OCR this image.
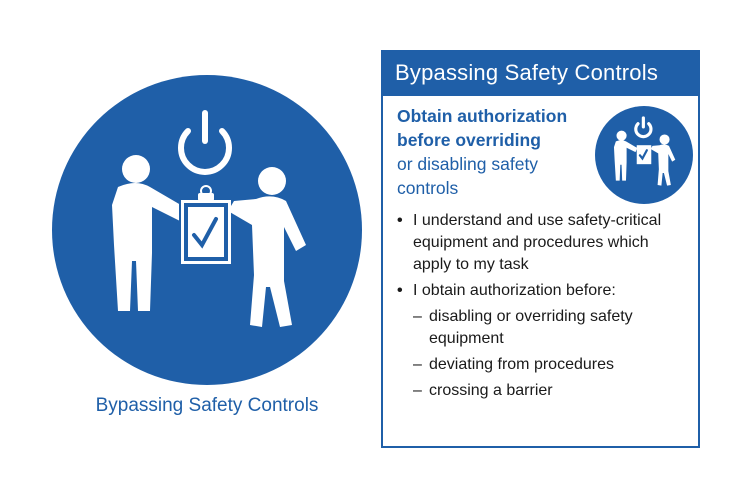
Bypassing Safety Controls
Bypassing Safety Controls
Obtain authorization before overriding
or disabling safety controls
• I understand and use safety-critical equipment and procedures which apply to my task
• I obtain authorization before:
– disabling or overriding safety equipment
– deviating from procedures
– crossing a barrier
